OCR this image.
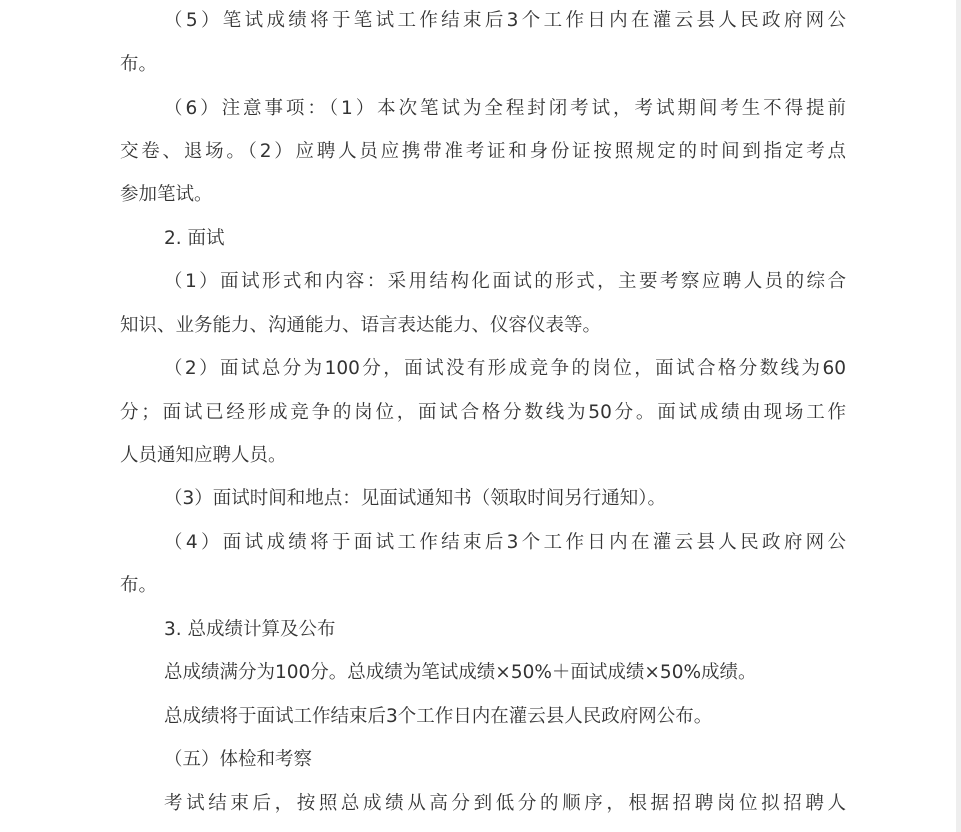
（5）笔试成绩将于笔试工作结束后3个工作日内在灌云县人民政府网公
布。
（6）注意事项：（1）本次笔试为全程封闭考试，考试期间考生不得提前
交卷、退场。（2）应聘人员应携带准考证和身份证按照规定的时间到指定考点
参加笔试。
2. 面试
（1）面试形式和内容：采用结构化面试的形式，主要考察应聘人员的综合
知识、业务能力、沟通能力、语言表达能力、仪容仪表等。
（2）面试总分为100分，面试没有形成竞争的岗位，面试合格分数线为60
分；面试已经形成竞争的岗位，面试合格分数线为50分。面试成绩由现场工作
人员通知应聘人员。
（3）面试时间和地点：见面试通知书（领取时间另行通知）。
（4）面试成绩将于面试工作结束后3个工作日内在灌云县人民政府网公
布。
3. 总成绩计算及公布
总成绩满分为100分。总成绩为笔试成绩×50%＋面试成绩×50%成绩。
总成绩将于面试工作结束后3个工作日内在灌云县人民政府网公布。
（五）体检和考察
考试结束后，按照总成绩从高分到低分的顺序，根据招聘岗位拟招聘人
